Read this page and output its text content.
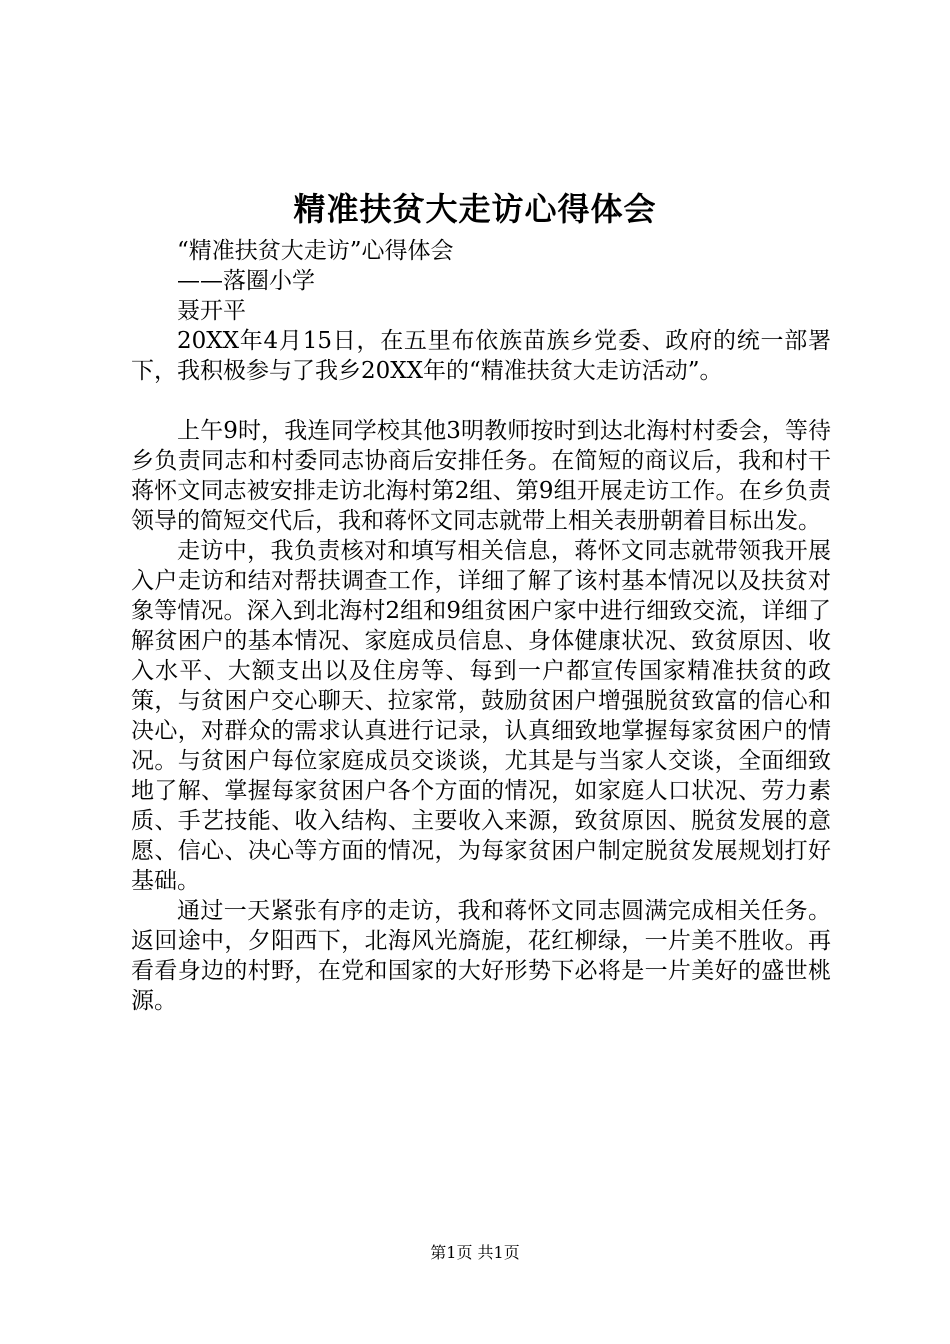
精准扶贫大走访心得体会

“精准扶贫大走访”心得体会

——落圈小学

聂开平

20XX年4月15日，在五里布依族苗族乡党委、政府的统一部署下，我积极参与了我乡20XX年的“精准扶贫大走访活动”。

上午9时，我连同学校其他3明教师按时到达北海村村委会，等待乡负责同志和村委同志协商后安排任务。在简短的商议后，我和村干蒋怀文同志被安排走访北海村第2组、第9组开展走访工作。在乡负责领导的简短交代后，我和蒋怀文同志就带上相关表册朝着目标出发。

走访中，我负责核对和填写相关信息，蒋怀文同志就带领我开展入户走访和结对帮扶调查工作，详细了解了该村基本情况以及扶贫对象等情况。深入到北海村2组和9组贫困户家中进行细致交流，详细了解贫困户的基本情况、家庭成员信息、身体健康状况、致贫原因、收入水平、大额支出以及住房等、每到一户都宣传国家精准扶贫的政策，与贫困户交心聊天、拉家常，鼓励贫困户增强脱贫致富的信心和决心，对群众的需求认真进行记录，认真细致地掌握每家贫困户的情况。与贫困户每位家庭成员交谈谈，尤其是与当家人交谈，全面细致地了解、掌握每家贫困户各个方面的情况，如家庭人口状况、劳力素质、手艺技能、收入结构、主要收入来源，致贫原因、脱贫发展的意愿、信心、决心等方面的情况，为每家贫困户制定脱贫发展规划打好基础。

通过一天紧张有序的走访，我和蒋怀文同志圆满完成相关任务。返回途中，夕阳西下，北海风光旖旎，花红柳绿，一片美不胜收。再看看身边的村野，在党和国家的大好形势下必将是一片美好的盛世桃源。

第1页 共1页
